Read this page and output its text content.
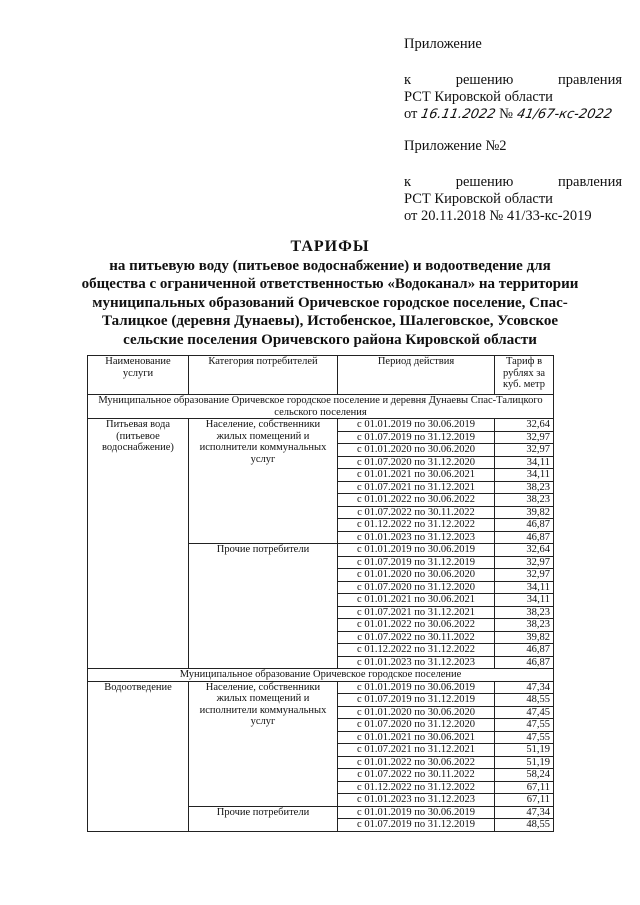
Приложение
к	решению	правления
РСТ Кировской области
от 16.11.2022 № 41/67-кс-2022
Приложение №2
к	решению	правления
РСТ Кировской области
от 20.11.2018 № 41/33-кс-2019
ТАРИФЫ
на питьевую воду (питьевое водоснабжение) и водоотведение для
общества с ограниченной ответственностью «Водоканал» на территории
муниципальных образований Оричевское городское поселение, Спас-
Талицкое (деревня Дунаевы), Истобенское, Шалеговское, Усовское
сельские поселения Оричевского района Кировской области
Наименование услуги	Категория потребителей	Период действия	Тариф в рублях за куб. метр
Муниципальное образование Оричевское городское поселение и деревня Дунаевы Спас-Талицкого сельского поселения			
Питьевая вода (питьевое водоснабжение)	Население, собственники жилых помещений и исполнители коммунальных услуг	с 01.01.2019 по 30.06.2019	32,64
		с 01.07.2019 по 31.12.2019	32,97
		с 01.01.2020 по 30.06.2020	32,97
		с 01.07.2020 по 31.12.2020	34,11
		с 01.01.2021 по 30.06.2021	34,11
		с 01.07.2021 по 31.12.2021	38,23
		с 01.01.2022 по 30.06.2022	38,23
		с 01.07.2022 по 30.11.2022	39,82
		с 01.12.2022 по 31.12.2022	46,87
		с 01.01.2023 по 31.12.2023	46,87
	Прочие потребители	с 01.01.2019 по 30.06.2019	32,64
		с 01.07.2019 по 31.12.2019	32,97
		с 01.01.2020 по 30.06.2020	32,97
		с 01.07.2020 по 31.12.2020	34,11
		с 01.01.2021 по 30.06.2021	34,11
		с 01.07.2021 по 31.12.2021	38,23
		с 01.01.2022 по 30.06.2022	38,23
		с 01.07.2022 по 30.11.2022	39,82
		с 01.12.2022 по 31.12.2022	46,87
		с 01.01.2023 по 31.12.2023	46,87
Муниципальное образование Оричевское городское поселение			
Водоотведение	Население, собственники жилых помещений и исполнители коммунальных услуг	с 01.01.2019 по 30.06.2019	47,34
		с 01.07.2019 по 31.12.2019	48,55
		с 01.01.2020 по 30.06.2020	47,45
		с 01.07.2020 по 31.12.2020	47,55
		с 01.01.2021 по 30.06.2021	47,55
		с 01.07.2021 по 31.12.2021	51,19
		с 01.01.2022 по 30.06.2022	51,19
		с 01.07.2022 по 30.11.2022	58,24
		с 01.12.2022 по 31.12.2022	67,11
		с 01.01.2023 по 31.12.2023	67,11
	Прочие потребители	с 01.01.2019 по 30.06.2019	47,34
		с 01.07.2019 по 31.12.2019	48,55
